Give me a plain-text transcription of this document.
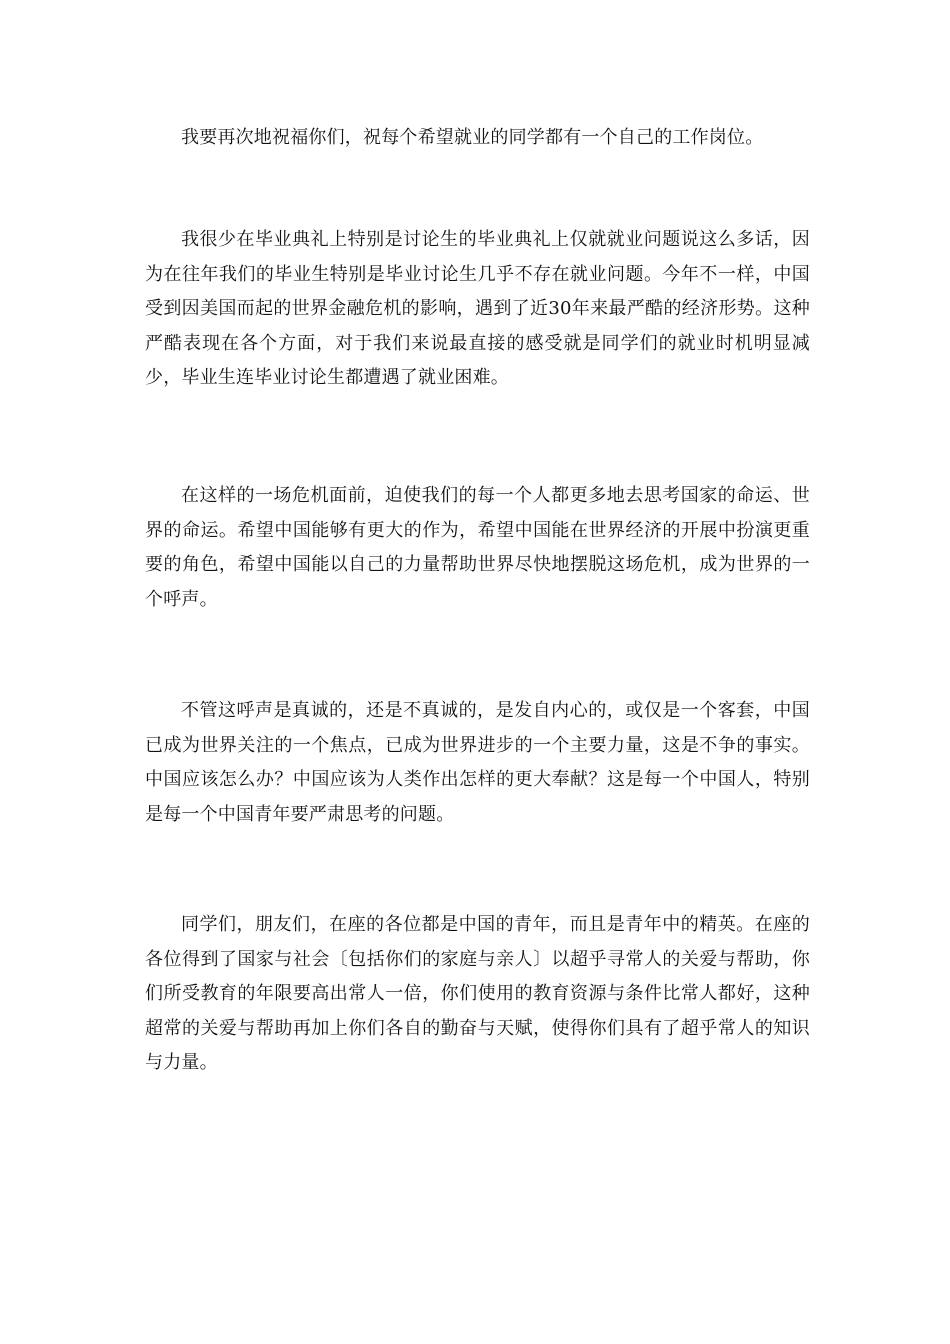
我要再次地祝福你们，祝每个希望就业的同学都有一个自己的工作岗位。

我很少在毕业典礼上特别是讨论生的毕业典礼上仅就就业问题说这么多话，因为在往年我们的毕业生特别是毕业讨论生几乎不存在就业问题。今年不一样，中国受到因美国而起的世界金融危机的影响，遇到了近30年来最严酷的经济形势。这种严酷表现在各个方面，对于我们来说最直接的感受就是同学们的就业时机明显减少，毕业生连毕业讨论生都遭遇了就业困难。

在这样的一场危机面前，迫使我们的每一个人都更多地去思考国家的命运、世界的命运。希望中国能够有更大的作为，希望中国能在世界经济的开展中扮演更重要的角色，希望中国能以自己的力量帮助世界尽快地摆脱这场危机，成为世界的一个呼声。

不管这呼声是真诚的，还是不真诚的，是发自内心的，或仅是一个客套，中国已成为世界关注的一个焦点，已成为世界进步的一个主要力量，这是不争的事实。中国应该怎么办？中国应该为人类作出怎样的更大奉献？这是每一个中国人，特别是每一个中国青年要严肃思考的问题。

同学们，朋友们，在座的各位都是中国的青年，而且是青年中的精英。在座的各位得到了国家与社会〔包括你们的家庭与亲人〕以超乎寻常人的关爱与帮助，你们所受教育的年限要高出常人一倍，你们使用的教育资源与条件比常人都好，这种超常的关爱与帮助再加上你们各自的勤奋与天赋，使得你们具有了超乎常人的知识与力量。
